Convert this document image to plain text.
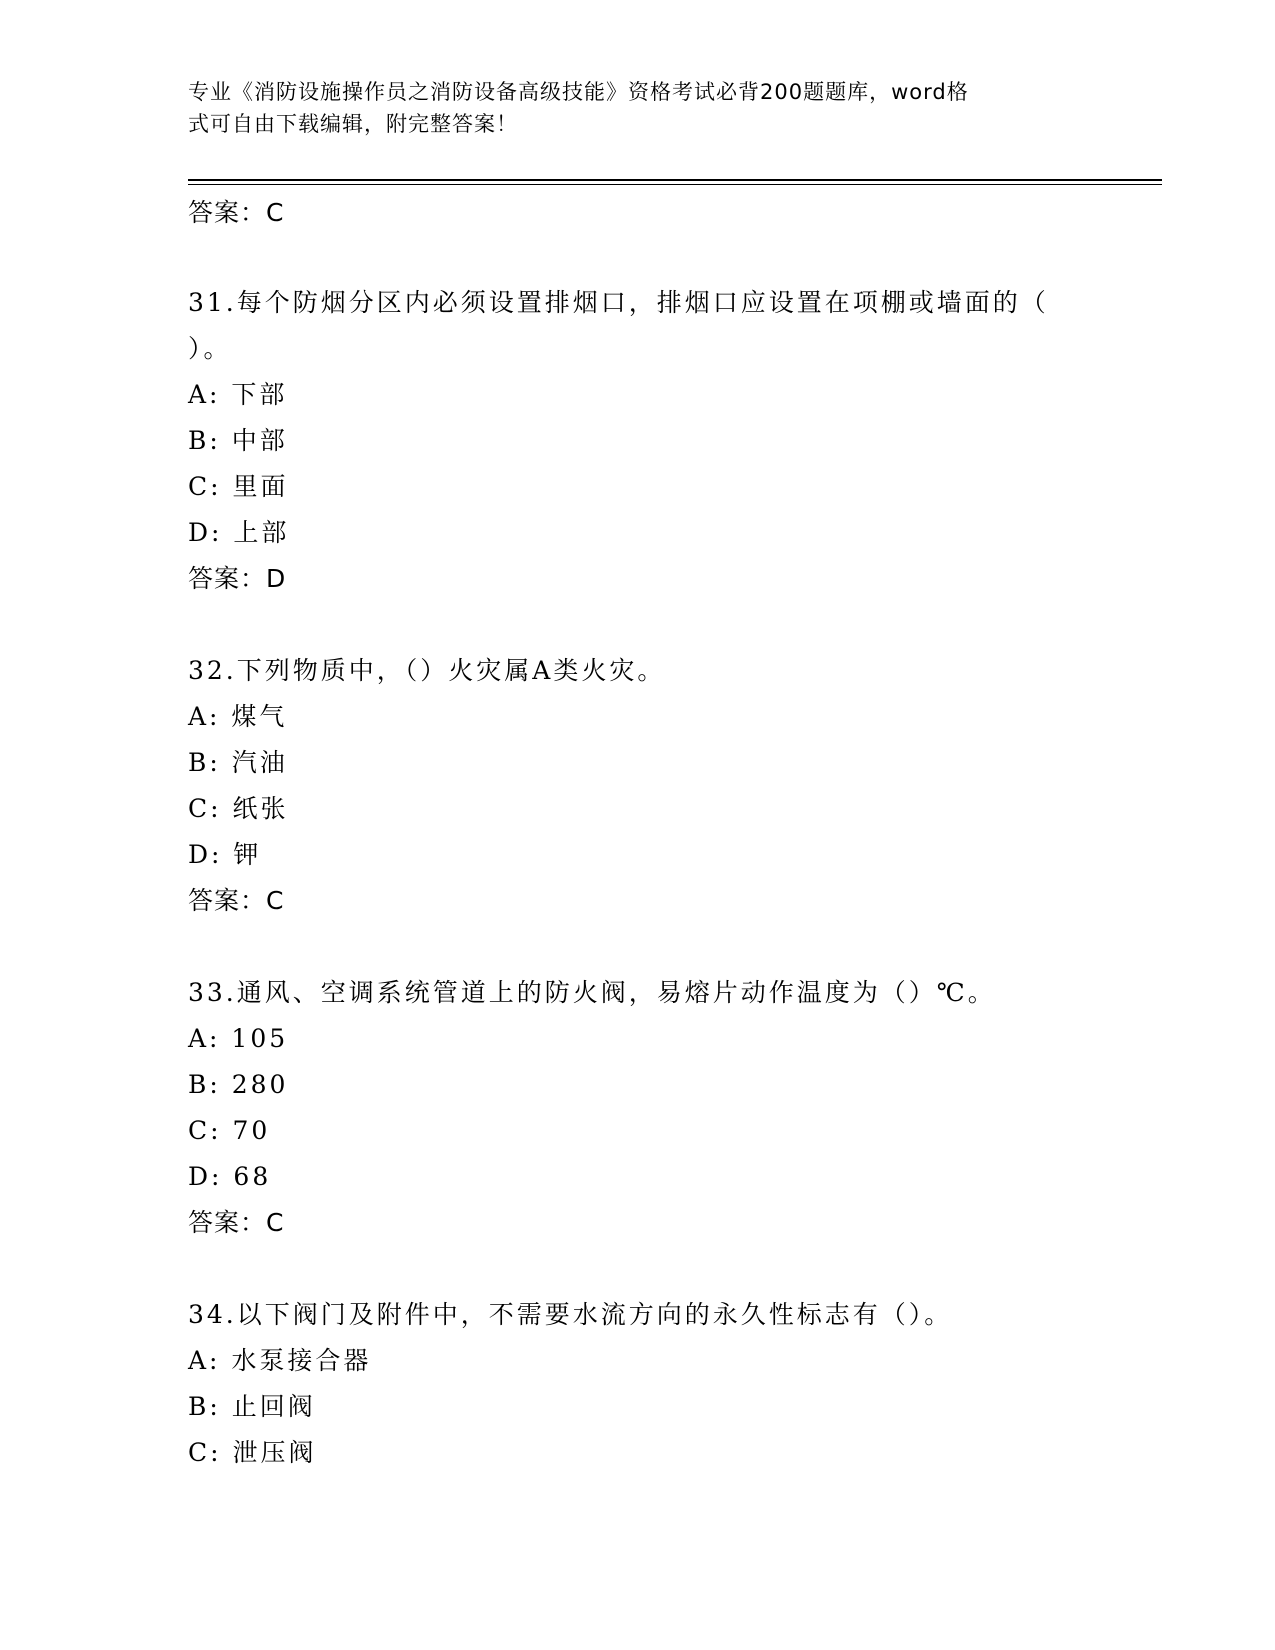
专业《消防设施操作员之消防设备高级技能》资格考试必背200题题库，word格
式可自由下载编辑，附完整答案！
答案：C
31.每个防烟分区内必须设置排烟口，排烟口应设置在项棚或墙面的（
）。
A: 下部
B: 中部
C: 里面
D: 上部
答案：D
32.下列物质中，（）火灾属A类火灾。
A: 煤气
B: 汽油
C: 纸张
D: 钾
答案：C
33.通风、空调系统管道上的防火阀，易熔片动作温度为（）℃。
A: 105
B: 280
C: 70
D: 68
答案：C
34.以下阀门及附件中，不需要水流方向的永久性标志有（）。
A: 水泵接合器
B: 止回阀
C: 泄压阀
